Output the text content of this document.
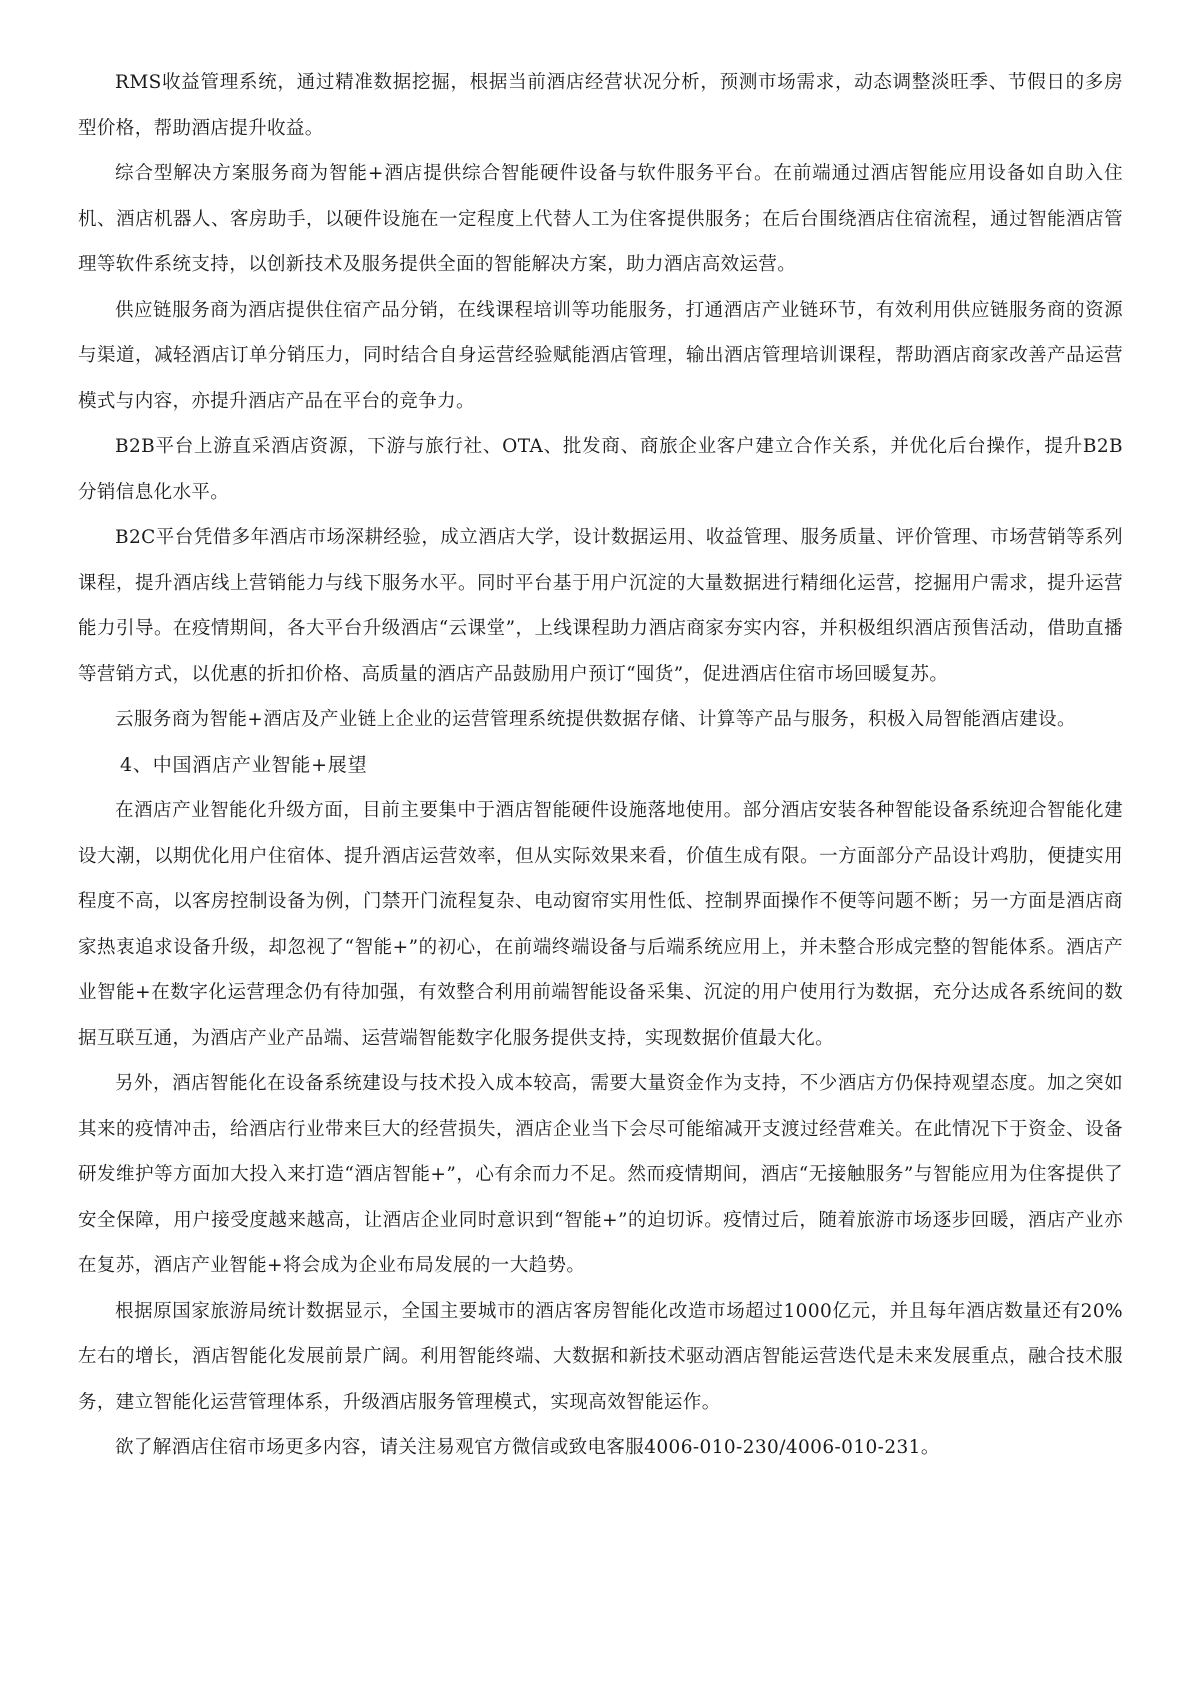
RMS收益管理系统，通过精准数据挖掘，根据当前酒店经营状况分析，预测市场需求，动态调整淡旺季、节假日的多房型价格，帮助酒店提升收益。

综合型解决方案服务商为智能+酒店提供综合智能硬件设备与软件服务平台。在前端通过酒店智能应用设备如自助入住机、酒店机器人、客房助手，以硬件设施在一定程度上代替人工为住客提供服务；在后台围绕酒店住宿流程，通过智能酒店管理等软件系统支持，以创新技术及服务提供全面的智能解决方案，助力酒店高效运营。

供应链服务商为酒店提供住宿产品分销，在线课程培训等功能服务，打通酒店产业链环节，有效利用供应链服务商的资源与渠道，减轻酒店订单分销压力，同时结合自身运营经验赋能酒店管理，输出酒店管理培训课程，帮助酒店商家改善产品运营模式与内容，亦提升酒店产品在平台的竞争力。

B2B平台上游直采酒店资源，下游与旅行社、OTA、批发商、商旅企业客户建立合作关系，并优化后台操作，提升B2B分销信息化水平。

B2C平台凭借多年酒店市场深耕经验，成立酒店大学，设计数据运用、收益管理、服务质量、评价管理、市场营销等系列课程，提升酒店线上营销能力与线下服务水平。同时平台基于用户沉淀的大量数据进行精细化运营，挖掘用户需求，提升运营能力引导。在疫情期间，各大平台升级酒店“云课堂”，上线课程助力酒店商家夯实内容，并积极组织酒店预售活动，借助直播等营销方式，以优惠的折扣价格、高质量的酒店产品鼓励用户预订“囤货”，促进酒店住宿市场回暖复苏。

云服务商为智能+酒店及产业链上企业的运营管理系统提供数据存储、计算等产品与服务，积极入局智能酒店建设。

4、中国酒店产业智能+展望

在酒店产业智能化升级方面，目前主要集中于酒店智能硬件设施落地使用。部分酒店安装各种智能设备系统迎合智能化建设大潮，以期优化用户住宿体、提升酒店运营效率，但从实际效果来看，价值生成有限。一方面部分产品设计鸡肋，便捷实用程度不高，以客房控制设备为例，门禁开门流程复杂、电动窗帘实用性低、控制界面操作不便等问题不断；另一方面是酒店商家热衷追求设备升级，却忽视了“智能+”的初心，在前端终端设备与后端系统应用上，并未整合形成完整的智能体系。酒店产业智能+在数字化运营理念仍有待加强，有效整合利用前端智能设备采集、沉淀的用户使用行为数据，充分达成各系统间的数据互联互通，为酒店产业产品端、运营端智能数字化服务提供支持，实现数据价值最大化。

另外，酒店智能化在设备系统建设与技术投入成本较高，需要大量资金作为支持，不少酒店方仍保持观望态度。加之突如其来的疫情冲击，给酒店行业带来巨大的经营损失，酒店企业当下会尽可能缩减开支渡过经营难关。在此情况下于资金、设备研发维护等方面加大投入来打造“酒店智能+”，心有余而力不足。然而疫情期间，酒店“无接触服务”与智能应用为住客提供了安全保障，用户接受度越来越高，让酒店企业同时意识到“智能+”的迫切诉。疫情过后，随着旅游市场逐步回暖，酒店产业亦在复苏，酒店产业智能+将会成为企业布局发展的一大趋势。

根据原国家旅游局统计数据显示，全国主要城市的酒店客房智能化改造市场超过1000亿元，并且每年酒店数量还有20%左右的增长，酒店智能化发展前景广阔。利用智能终端、大数据和新技术驱动酒店智能运营迭代是未来发展重点，融合技术服务，建立智能化运营管理体系，升级酒店服务管理模式，实现高效智能运作。

欲了解酒店住宿市场更多内容，请关注易观官方微信或致电客服4006-010-230/4006-010-231。
